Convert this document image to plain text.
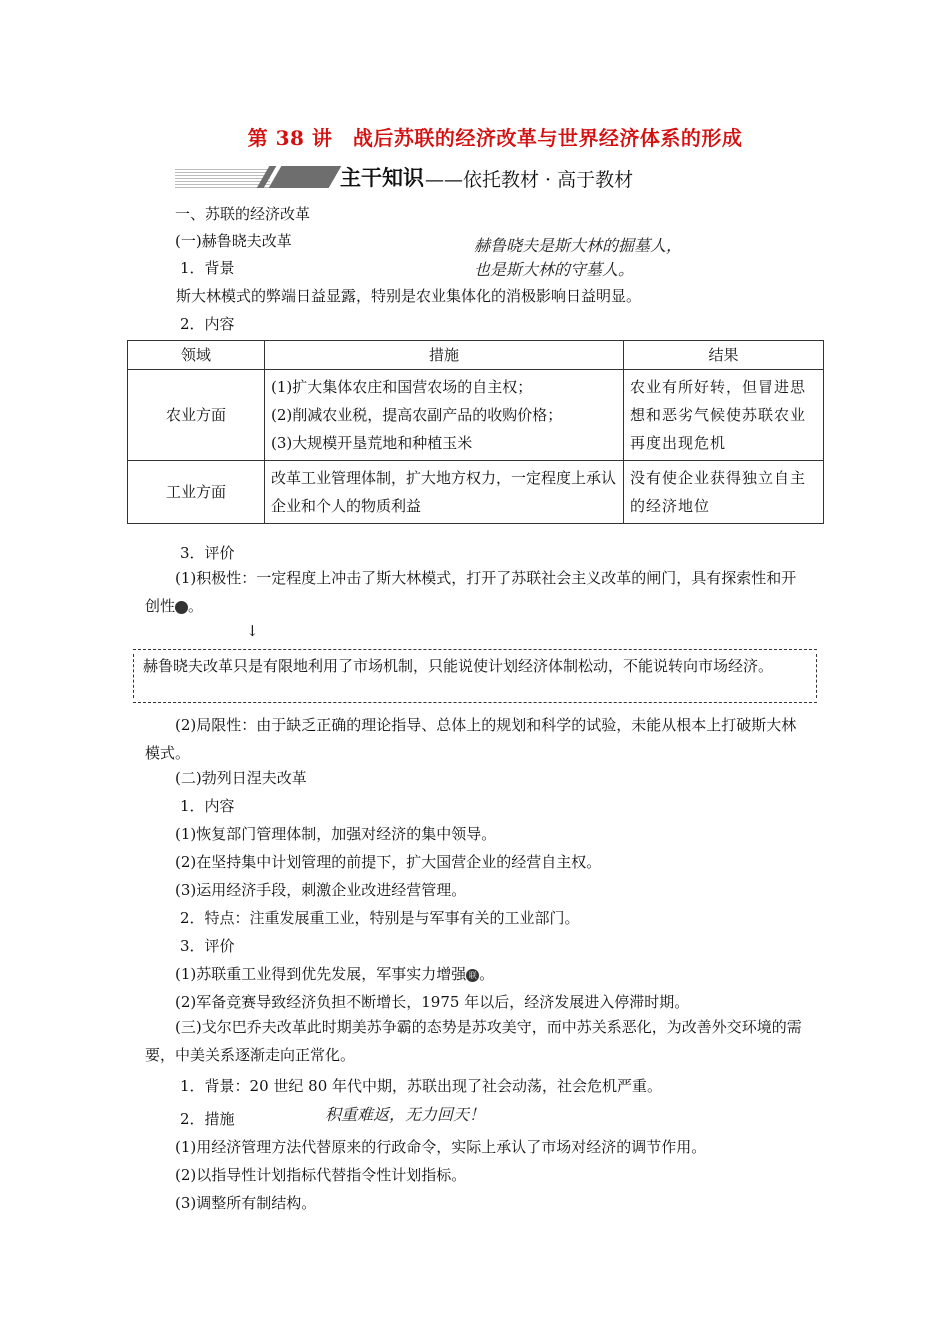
第 38 讲　战后苏联的经济改革与世界经济体系的形成
主干知识 ——依托教材 · 高于教材
一、苏联的经济改革
(一)赫鲁晓夫改革	赫鲁晓夫是斯大林的掘墓人，
也是斯大林的守墓人。
1．背景
斯大林模式的弊端日益显露，特别是农业集体化的消极影响日益明显。
2．内容
领域	措施	结果
农业方面	(1)扩大集体农庄和国营农场的自主权；
(2)削减农业税，提高农副产品的收购价格；
(3)大规模开垦荒地和种植玉米	农业有所好转，但冒进思想和恶劣气候使苏联农业再度出现危机
工业方面	改革工业管理体制，扩大地方权力，一定程度上承认企业和个人的物质利益	没有使企业获得独立自主的经济地位
3．评价
(1)积极性：一定程度上冲击了斯大林模式，打开了苏联社会主义改革的闸门，具有探索性和开创性	明。
↓
赫鲁晓夫改革只是有限地利用了市场机制，只能说使计划经济体制松动，不能说转向市场经济。
(2)局限性：由于缺乏正确的理论指导、总体上的规划和科学的试验，未能从根本上打破斯大林模式。
(二)勃列日涅夫改革
1．内容
(1)恢复部门管理体制，加强对经济的集中领导。
(2)在坚持集中计划管理的前提下，扩大国营企业的经营自主权。
(3)运用经济手段，刺激企业改进经营管理。
2．特点：注重发展重工业，特别是与军事有关的工业部门。
3．评价
(1)苏联重工业得到优先发展，军事实力增强 联 。
(2)军备竞赛导致经济负担不断增长，1975 年以后，经济发展进入停滞时期。
(三)戈尔巴乔夫改革此时期美苏争霸的态势是苏攻美守，而中苏关系恶化，为改善外交环境的需要，中美关系逐渐走向正常化。
1．背景：20 世纪 80 年代中期，苏联出现了社会动荡，社会危机严重。
2．措施	积重难返，无力回天！
(1)用经济管理方法代替原来的行政命令，实际上承认了市场对经济的调节作用。
(2)以指导性计划指标代替指令性计划指标。
(3)调整所有制结构。
